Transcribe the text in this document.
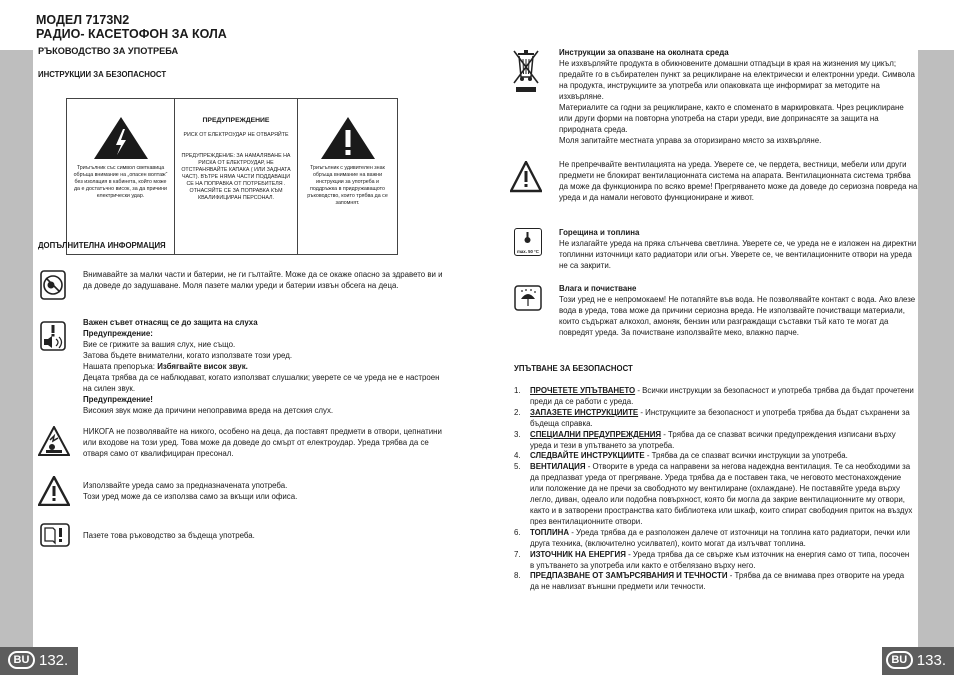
BU 132.	BU 133.
МОДЕЛ 7173N2
РАДИО- КАСЕТОФОН ЗА КОЛА
РЪКОВОДСТВО ЗА УПОТРЕБА
ИНСТРУКЦИИ ЗА БЕЗОПАСНОСТ
Триъгълник със символ светкавица обръща внимание на „опасен волтаж“ без изолация в кабинета, който може да е достатъчно висок, за да причини електрически удар.
ПРЕДУПРЕЖДЕНИЕ
РИСК ОТ ЕЛЕКТРОУДАР НЕ ОТВАРЯЙТЕ
ПРЕДУПРЕЖДЕНИЕ: ЗА НАМАЛЯВАНЕ НА РИСКА ОТ ЕЛЕКТРОУДАР, НЕ ОТСТРАНЯВАЙТЕ КАПАКА ( ИЛИ ЗАДНАТА ЧАСТ). ВЪТРЕ НЯМА ЧАСТИ ПОДДАВАЩИ СЕ НА ПОПРАВКА ОТ ПОТРЕБИТЕЛЯ . ОТНАСЯЙТЕ СЕ ЗА ПОПРАВКА КЪМ КВАЛИФИЦИРАН ПЕРСОНАЛ.
Триъгълник с удивителен знак обръща внимание на важни инструкции за употреба и поддръжка в придружаващото ръководство, които трябва да се запомнят.
ДОПЪЛНИТЕЛНА ИНФОРМАЦИЯ
Внимавайте за малки части и батерии, не ги гълтайте. Може да се окаже опасно за здравето ви и да доведе до задушаване. Моля пазете малки уреди и батерии извън обсега на деца.

Важен съвет отнасящ се до защита на слуха

Предупреждение:

Вие се грижите за вашия слух, ние също.

Затова бъдете внимателни, когато използвате този уред.

Нашата препоръка: Избягвайте висок звук.

Децата трябва да се наблюдават, когато използват слушалки; уверете се че уреда не е настроен на силен звук.

Предупреждение!

Високия звук може да причини непоправима вреда на детския слух.

НИКОГА не позволявайте на никого, особено на деца, да поставят предмети в отвори, цепнатини или входове на този уред. Това може да доведе до смърт от електроудар. Уреда трябва да се отваря само от квалифициран пресонал.

Използвайте уреда само за предназначената употреба.

Този уред може да се използва само за вкъщи или офиса.

Пазете това ръководство за бъдеща употреба.

Инструкции за опазване на околната среда

Не изхвърляйте продукта в обикновените домашни отпадъци в края на жизнения му цикъл; предайте го в събирателен пункт за рециклиране на електрически и електронни уреди. Символа на продукта, инструкциите за употреба или опаковката ще информират за методите на изхвърляне.

Материалите са годни за рециклиране, както е споменато в маркировката. Чрез рециклиране или други форми на повторна употреба на стари уреди, вие допринасяте за защита на природната среда.

Моля запитайте местната управа за оторизирано място за изхвърляне.

Не препречвайте вентилацията на уреда. Уверете се, че пердета, вестници, мебели или други предмети не блокират вентилационната система на апарата. Вентилационната система трябва да може да функционира по всяко време! Прегряването може да доведе до сериозна повреда на уреда и да намали неговото функциониране и живот.
max. 50 °C

Горещина и топлина

Не излагайте уреда на пряка слънчева светлина. Уверете се, че уреда не е изложен на директни топлинни източници като радиатори или огън. Уверете се, че вентилационните отвори на уреда не са закрити.

Влага и почистване

Този уред не е непромокаем! Не потапяйте във вода. Не позволявайте контакт с вода. Ако влезе вода в уреда, това може да причини сериозна вреда. Не използвайте почистващи материали, които съдържат алкохол, амоняк, бензин или разграждащи съставки тъй като те могат да повредят уреда. За почистване използвайте меко, влажно парче.

УПЪТВАНЕ ЗА БЕЗОПАСНОСТ
1. ПРОЧЕТЕТЕ УПЪТВАНЕТО - Всички инструкции за безопасност и употреба трябва да бъдат прочетени преди да се работи с уреда.
2. ЗАПАЗЕТЕ ИНСТРУКЦИИТЕ - Инструкциите за безопасност и употреба трябва да бъдат съхранени за бъдеща справка.
3. СПЕЦИАЛНИ ПРЕДУПРЕЖДЕНИЯ - Трябва да се спазват всички предупреждения изписани върху уреда и тези в упътването за употреба.
4. СЛЕДВАЙТЕ ИНСТРУКЦИИТЕ - Трябва да се спазват всички инструкции за употреба.
5. ВЕНТИЛАЦИЯ - Отворите в уреда са направени за негова надеждна вентилация. Те са необходими за да предпазват уреда от прегряване. Уреда трябва да е поставен така, че неговото местонахождение или положение да не пречи за свободното му вентилиране (охлаждане). Не поставяйте уреда върху легло, диван, одеало или подобна повърхност, която би могла да закрие вентилационните му отвори, както и в затворени пространства като библиотека или шкаф, които спират свободния приток на въздух през вентилационните отвори.
6. ТОПЛИНА - Уреда трябва да е разположен далече от източници на топлина като радиатори, печки или друга техника, (включително усилвател), които могат да излъчват топлина.
7. ИЗТОЧНИК НА ЕНЕРГИЯ - Уреда трябва да се свърже към източник на енергия само от типа, посочен в упътването за употреба или както е отбелязано върху него.
8. ПРЕДПАЗВАНЕ ОТ ЗАМЪРСЯВАНИЯ И ТЕЧНОСТИ - Трябва да се внимава през отворите на уреда да не навлизат външни предмети или течности.
